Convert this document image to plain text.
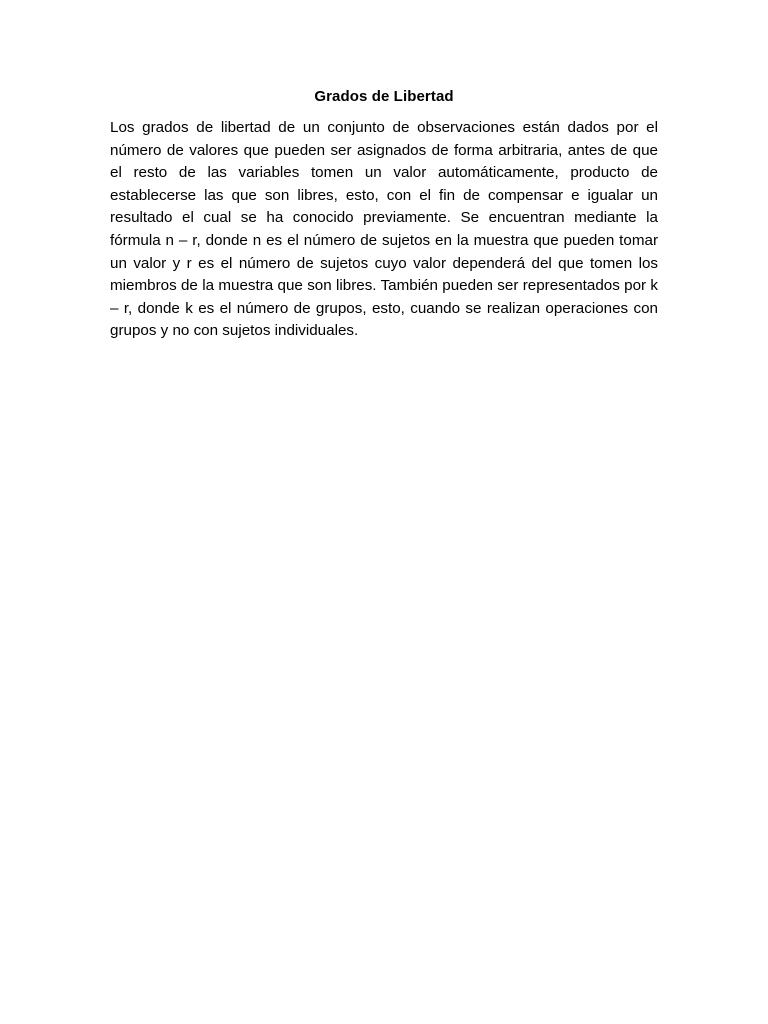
Grados de Libertad

Los grados de libertad de un conjunto de observaciones están dados por el número de valores que pueden ser asignados de forma arbitraria, antes de que el resto de las variables tomen un valor automáticamente, producto de establecerse las que son libres, esto, con el fin de compensar e igualar un resultado el cual se ha conocido previamente. Se encuentran mediante la fórmula n – r, donde n es el número de sujetos en la muestra que pueden tomar un valor y r es el número de sujetos cuyo valor dependerá del que tomen los miembros de la muestra que son libres. También pueden ser representados por k – r, donde k es el número de grupos, esto, cuando se realizan operaciones con grupos y no con sujetos individuales.
